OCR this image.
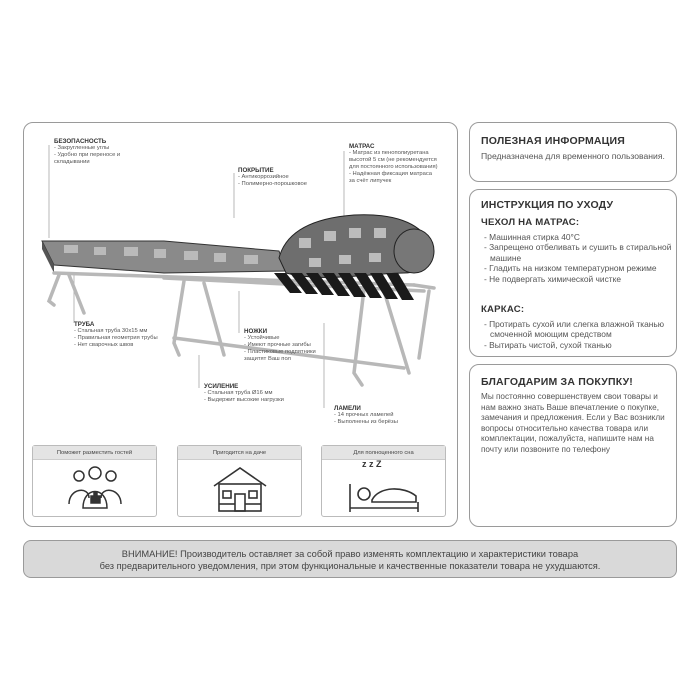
БЕЗОПАСНОСТЬ
- Закругленные углы
- Удобно при переносе и складывании
ПОКРЫТИЕ
- Антикоррозийное
- Полимерно-порошковое
МАТРАС
- Матрас из пенополиуретана высотой 5 см (не рекомендуется для постоянного использования)
- Надёжная фиксация матраса за счёт липучек
ТРУБА
- Стальная труба 30х15 мм
- Правильная геометрия трубы
- Нет сварочных швов
НОЖКИ
- Устойчивые
- Имеют прочные загибы
- Пластиковые подпятники защитят Ваш пол
УСИЛЕНИЕ
- Стальная труба Ø16 мм
- Выдержит высокие нагрузки
ЛАМЕЛИ
- 14 прочных ламелей
- Выполнены из берёзы
Поможет разместить гостей	Пригодится на даче	Для полноценного сна
z z Z
ПОЛЕЗНАЯ ИНФОРМАЦИЯ
Предназначена для временного пользования.
ИНСТРУКЦИЯ ПО УХОДУ
ЧЕХОЛ НА МАТРАС:
- Машинная стирка 40°С
- Запрещено отбеливать и сушить в стиральной машине
- Гладить на низком температурном режиме
- Не подвергать химической чистке
КАРКАС:
- Протирать сухой или слегка влажной тканью смоченной моющим средством
- Вытирать чистой, сухой тканью
БЛАГОДАРИМ ЗА ПОКУПКУ!
Мы постоянно совершенствуем свои товары и нам важно знать Ваше впечатление о покупке, замечания и предложения. Если у Вас возникли вопросы относительно качества товара или комплектации, пожалуйста, напишите нам на почту или позвоните по телефону
ВНИМАНИЕ! Производитель оставляет за собой право изменять комплектацию и характеристики товара
без предварительного уведомления, при этом функциональные и качественные показатели товара не ухудшаются.
